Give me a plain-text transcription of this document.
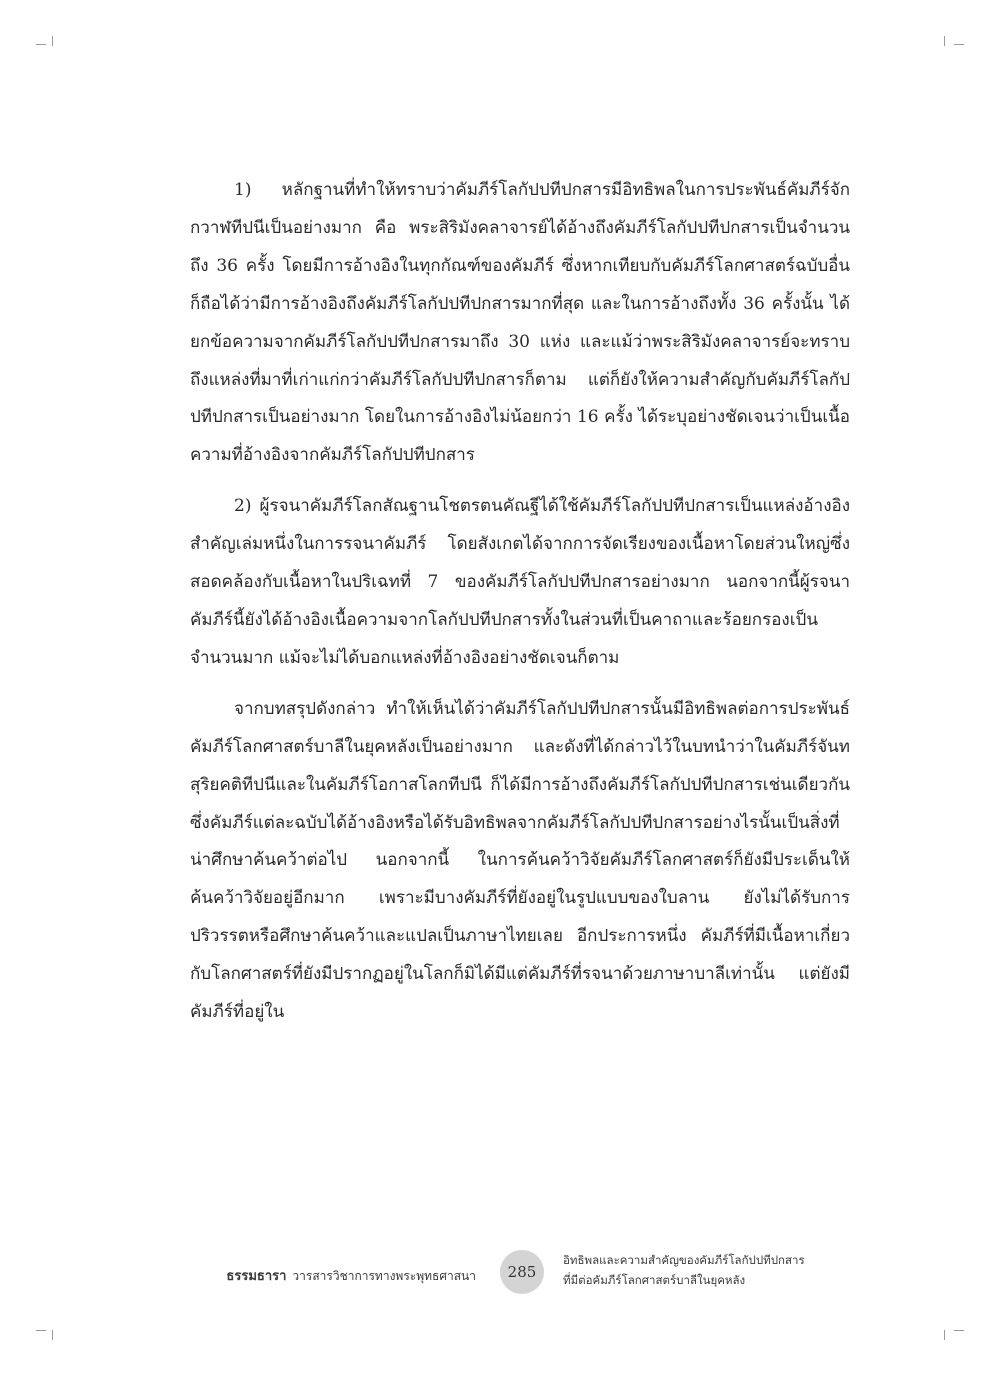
1) หลักฐานที่ทำให้ทราบว่าคัมภีร์โลกัปปทีปกสารมีอิทธิพลในการประพันธ์คัมภีร์จักกวาฬทีปนีเป็นอย่างมาก คือ พระสิริมังคลาจารย์ได้อ้างถึงคัมภีร์โลกัปปทีปกสารเป็นจำนวนถึง 36 ครั้ง โดยมีการอ้างอิงในทุกกัณฑ์ของคัมภีร์ ซึ่งหากเทียบกับคัมภีร์โลกศาสตร์ฉบับอื่นก็ถือได้ว่ามีการอ้างอิงถึงคัมภีร์โลกัปปทีปกสารมากที่สุด และในการอ้างถึงทั้ง 36 ครั้งนั้น ได้ยกข้อความจากคัมภีร์โลกัปปทีปกสารมาถึง 30 แห่ง และแม้ว่าพระสิริมังคลาจารย์จะทราบถึงแหล่งที่มาที่เก่าแก่กว่าคัมภีร์โลกัปปทีปกสารก็ตาม แต่ก็ยังให้ความสำคัญกับคัมภีร์โลกัปปทีปกสารเป็นอย่างมาก โดยในการอ้างอิงไม่น้อยกว่า 16 ครั้ง ได้ระบุอย่างชัดเจนว่าเป็นเนื้อความที่อ้างอิงจากคัมภีร์โลกัปปทีปกสาร

2) ผู้รจนาคัมภีร์โลกสัณฐานโชตรตนคัณฐีได้ใช้คัมภีร์โลกัปปทีปกสารเป็นแหล่งอ้างอิงสำคัญเล่มหนึ่งในการรจนาคัมภีร์ โดยสังเกตได้จากการจัดเรียงของเนื้อหาโดยส่วนใหญ่ซึ่งสอดคล้องกับเนื้อหาในปริเฉทที่ 7 ของคัมภีร์โลกัปปทีปกสารอย่างมาก นอกจากนี้ผู้รจนาคัมภีร์นี้ยังได้อ้างอิงเนื้อความจากโลกัปปทีปกสารทั้งในส่วนที่เป็นคาถาและร้อยกรองเป็นจำนวนมาก แม้จะไม่ได้บอกแหล่งที่อ้างอิงอย่างชัดเจนก็ตาม

จากบทสรุปดังกล่าว ทำให้เห็นได้ว่าคัมภีร์โลกัปปทีปกสารนั้นมีอิทธิพลต่อการประพันธ์คัมภีร์โลกศาสตร์บาลีในยุคหลังเป็นอย่างมาก และดังที่ได้กล่าวไว้ในบทนำว่าในคัมภีร์จันทสุริยคติทีปนีและในคัมภีร์โอกาสโลกทีปนี ก็ได้มีการอ้างถึงคัมภีร์โลกัปปทีปกสารเช่นเดียวกัน ซึ่งคัมภีร์แต่ละฉบับได้อ้างอิงหรือได้รับอิทธิพลจากคัมภีร์โลกัปปทีปกสารอย่างไรนั้นเป็นสิ่งที่น่าศึกษาค้นคว้าต่อไป นอกจากนี้ ในการค้นคว้าวิจัยคัมภีร์โลกศาสตร์ก็ยังมีประเด็นให้ค้นคว้าวิจัยอยู่อีกมาก เพราะมีบางคัมภีร์ที่ยังอยู่ในรูปแบบของใบลาน ยังไม่ได้รับการปริวรรตหรือศึกษาค้นคว้าและแปลเป็นภาษาไทยเลย อีกประการหนึ่ง คัมภีร์ที่มีเนื้อหาเกี่ยวกับโลกศาสตร์ที่ยังมีปรากฏอยู่ในโลกก็มิได้มีแต่คัมภีร์ที่รจนาด้วยภาษาบาลีเท่านั้น แต่ยังมีคัมภีร์ที่อยู่ใน

ธรรมธารา วารสารวิชาการทางพระพุทธศาสนา	285
อิทธิพลและความสำคัญของคัมภีร์โลกัปปทีปกสาร
ที่มีต่อคัมภีร์โลกศาสตร์บาลีในยุคหลัง
